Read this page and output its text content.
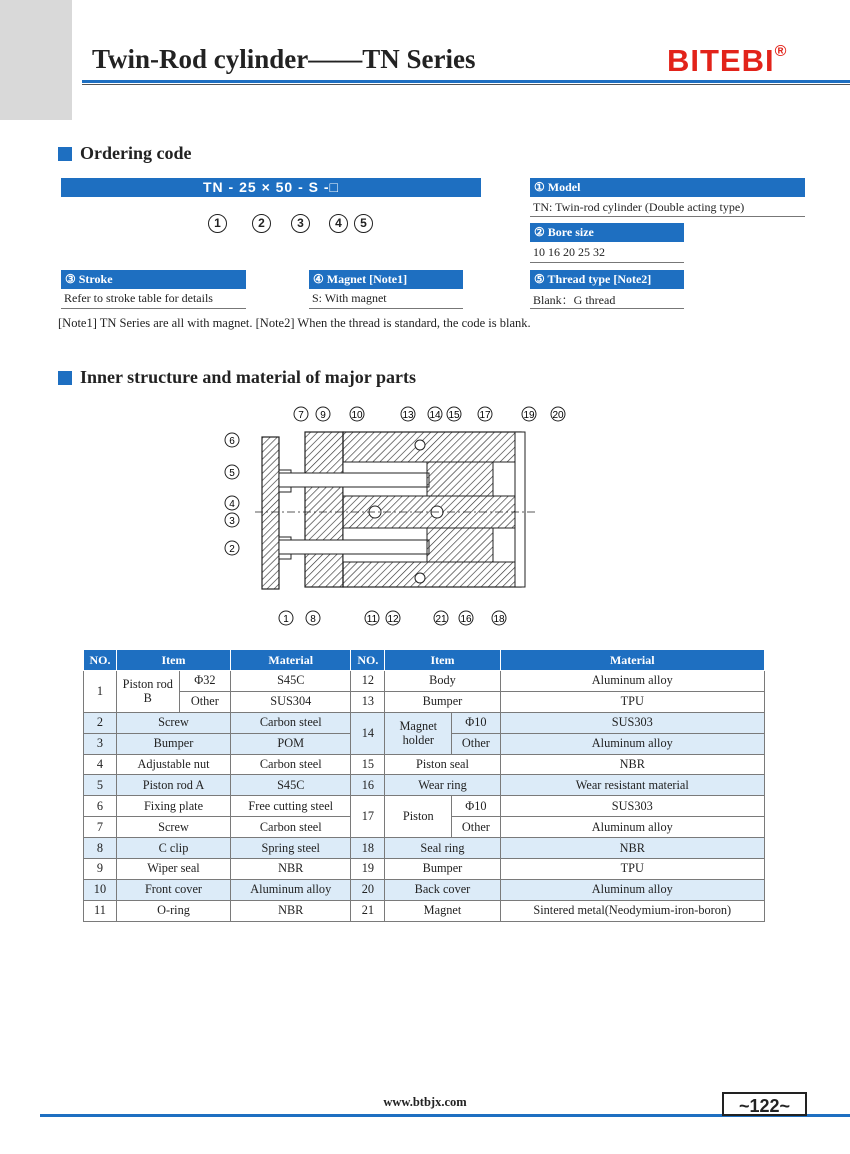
Twin-Rod cylinder——TN Series	BITEBI®
Ordering code
TN - 25 × 50 - S -□
1	2	3	4	5
① Model
TN: Twin-rod cylinder (Double acting type)
② Bore size
10 16 20 25 32
③ Stroke
Refer to stroke table for details
④ Magnet [Note1]
S: With magnet
⑤ Thread type [Note2]
Blank：G thread
[Note1] TN Series are all with magnet. [Note2] When the thread is standard, the code is blank.
Inner structure and material of major parts
7 9	10	13 14 15 17	19 20
6
5
4
3
2
1 8	11 12	21 16 18
NO.	Item		Material	NO.	Item		Material
1	Piston rod B	Φ32	S45C	12	Body		Aluminum alloy
		Other	SUS304	13	Bumper		TPU
2	Screw		Carbon steel	14	Magnet holder	Φ10	SUS303
3	Bumper		POM			Other	Aluminum alloy
4	Adjustable nut		Carbon steel	15	Piston seal		NBR
5	Piston rod A		S45C	16	Wear ring		Wear resistant material
6	Fixing plate		Free cutting steel	17	Piston	Φ10	SUS303
7	Screw		Carbon steel			Other	Aluminum alloy
8	C clip		Spring steel	18	Seal ring		NBR
9	Wiper seal		NBR	19	Bumper		TPU
10	Front cover		Aluminum alloy	20	Back cover		Aluminum alloy
11	O-ring		NBR	21	Magnet		Sintered metal(Neodymium-iron-boron)
www.btbjx.com	~122~
